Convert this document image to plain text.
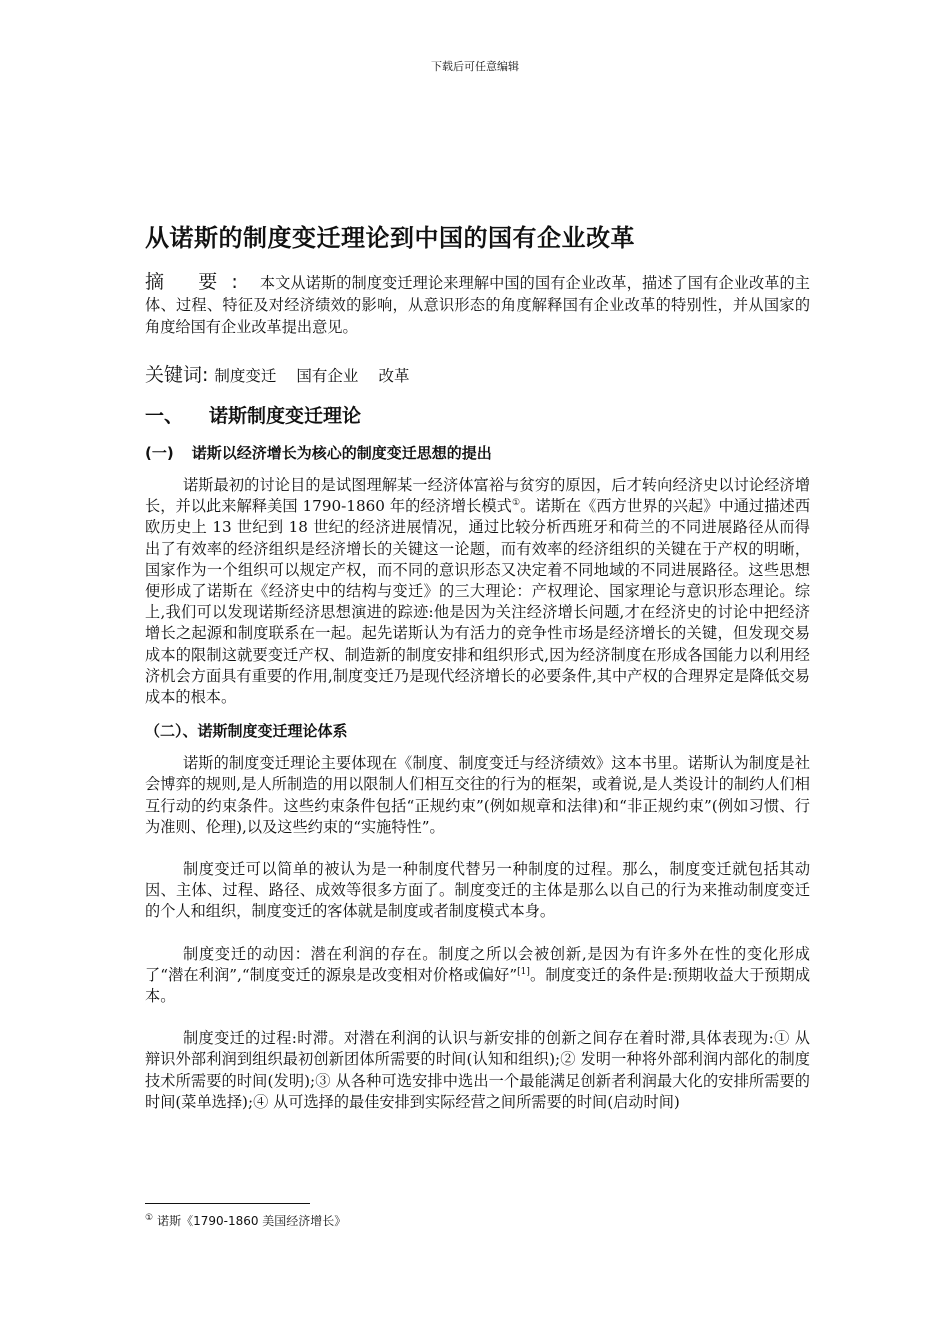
下载后可任意编辑
从诺斯的制度变迁理论到中国的国有企业改革

摘 要: 本文从诺斯的制度变迁理论来理解中国的国有企业改革，描述了国有企业改革的主体、过程、特征及对经济绩效的影响，从意识形态的角度解释国有企业改革的特别性，并从国家的角度给国有企业改革提出意见。

关键词: 制度变迁 国有企业 改革

一、 诺斯制度变迁理论
(一) 诺斯以经济增长为核心的制度变迁思想的提出

诺斯最初的讨论目的是试图理解某一经济体富裕与贫穷的原因，后才转向经济史以讨论经济增长，并以此来解释美国 1790-1860 年的经济增长模式①。诺斯在《西方世界的兴起》中通过描述西欧历史上 13 世纪到 18 世纪的经济进展情况，通过比较分析西班牙和荷兰的不同进展路径从而得出了有效率的经济组织是经济增长的关键这一论题，而有效率的经济组织的关键在于产权的明晰，国家作为一个组织可以规定产权，而不同的意识形态又决定着不同地域的不同进展路径。这些思想便形成了诺斯在《经济史中的结构与变迁》的三大理论：产权理论、国家理论与意识形态理论。综上,我们可以发现诺斯经济思想演进的踪迹:他是因为关注经济增长问题,才在经济史的讨论中把经济增长之起源和制度联系在一起。起先诺斯认为有活力的竞争性市场是经济增长的关键，但发现交易成本的限制这就要变迁产权、制造新的制度安排和组织形式,因为经济制度在形成各国能力以利用经济机会方面具有重要的作用,制度变迁乃是现代经济增长的必要条件,其中产权的合理界定是降低交易成本的根本。

（二）、诺斯制度变迁理论体系

诺斯的制度变迁理论主要体现在《制度、制度变迁与经济绩效》这本书里。诺斯认为制度是社会博弈的规则,是人所制造的用以限制人们相互交往的行为的框架，或着说,是人类设计的制约人们相互行动的约束条件。这些约束条件包括“正规约束”(例如规章和法律)和“非正规约束”(例如习惯、行为准则、伦理),以及这些约束的“实施特性”。

制度变迁可以简单的被认为是一种制度代替另一种制度的过程。那么，制度变迁就包括其动因、主体、过程、路径、成效等很多方面了。制度变迁的主体是那么以自己的行为来推动制度变迁的个人和组织，制度变迁的客体就是制度或者制度模式本身。

制度变迁的动因：潜在利润的存在。制度之所以会被创新,是因为有许多外在性的变化形成了“潜在利润”,“制度变迁的源泉是改变相对价格或偏好”[1]。制度变迁的条件是:预期收益大于预期成本。

制度变迁的过程:时滞。对潜在利润的认识与新安排的创新之间存在着时滞,具体表现为:① 从辩识外部利润到组织最初创新团体所需要的时间(认知和组织);② 发明一种将外部利润内部化的制度技术所需要的时间(发明);③ 从各种可选安排中选出一个最能满足创新者利润最大化的安排所需要的时间(菜单选择);④ 从可选择的最佳安排到实际经营之间所需要的时间(启动时间)

① 诺斯《1790-1860 美国经济增长》
